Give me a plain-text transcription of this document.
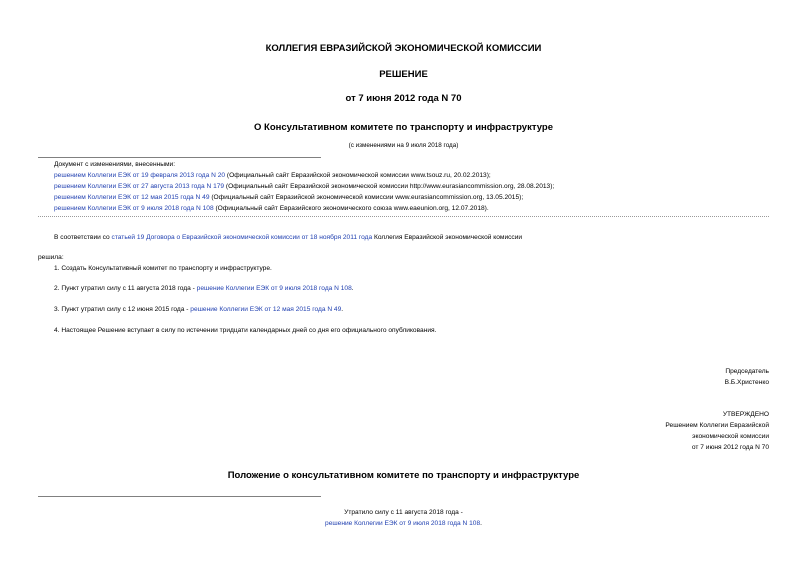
КОЛЛЕГИЯ ЕВРАЗИЙСКОЙ ЭКОНОМИЧЕСКОЙ КОМИССИИ
РЕШЕНИЕ
от 7 июня 2012 года N 70
О Консультативном комитете по транспорту и инфраструктуре
(с изменениями на 9 июля 2018 года)
Документ с изменениями, внесенными:
решением Коллегии ЕЭК от 19 февраля 2013 года N 20 (Официальный сайт Евразийской экономической комиссии www.tsouz.ru, 20.02.2013);
решением Коллегии ЕЭК от 27 августа 2013 года N 179 (Официальный сайт Евразийской экономической комиссии http://www.eurasiancommission.org, 28.08.2013);
решением Коллегии ЕЭК от 12 мая 2015 года N 49 (Официальный сайт Евразийской экономической комиссии www.eurasiancommission.org, 13.05.2015);
решением Коллегии ЕЭК от 9 июля 2018 года N 108 (Официальный сайт Евразийского экономического союза www.eaeunion.org, 12.07.2018).
В соответствии со статьей 19 Договора о Евразийской экономической комиссии от 18 ноября 2011 года Коллегия Евразийской экономической комиссии
решила:
1. Создать Консультативный комитет по транспорту и инфраструктуре.
2. Пункт утратил силу с 11 августа 2018 года - решение Коллегии ЕЭК от 9 июля 2018 года N 108.
3. Пункт утратил силу с 12 июня 2015 года - решение Коллегии ЕЭК от 12 мая 2015 года N 49.
4. Настоящее Решение вступает в силу по истечении тридцати календарных дней со дня его официального опубликования.
Председатель
В.Б.Христенко
УТВЕРЖДЕНО
Решением Коллегии Евразийской
экономической комиссии
от 7 июня 2012 года N 70
Положение о консультативном комитете по транспорту и инфраструктуре
Утратило силу с 11 августа 2018 года -
решение Коллегии ЕЭК от 9 июля 2018 года N 108.
